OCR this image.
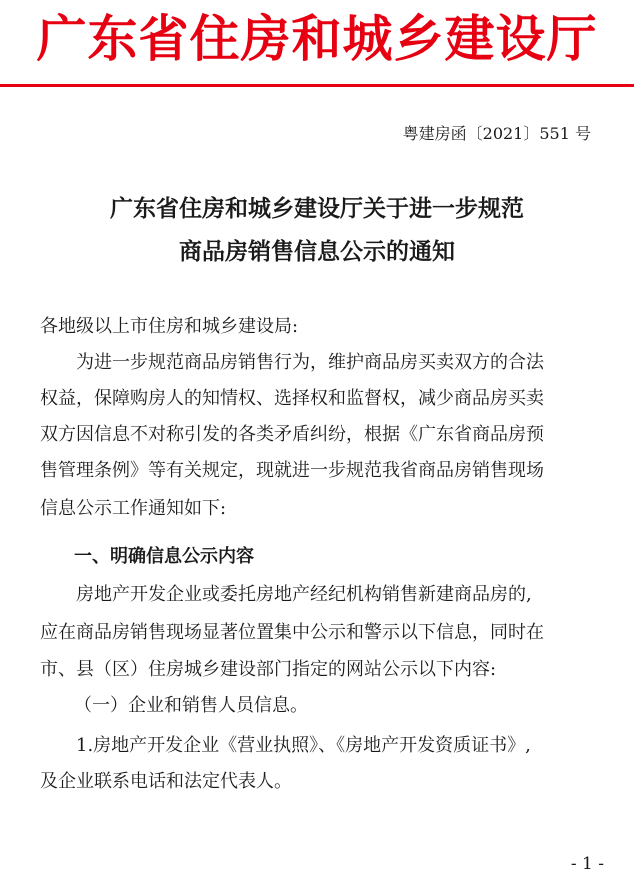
广东省住房和城乡建设厅
粤建房函〔2021〕551 号
广东省住房和城乡建设厅关于进一步规范
商品房销售信息公示的通知
各地级以上市住房和城乡建设局:
为进一步规范商品房销售行为，维护商品房买卖双方的合法
权益，保障购房人的知情权、选择权和监督权，减少商品房买卖
双方因信息不对称引发的各类矛盾纠纷，根据《广东省商品房预
售管理条例》等有关规定，现就进一步规范我省商品房销售现场
信息公示工作通知如下:
一、明确信息公示内容
房地产开发企业或委托房地产经纪机构销售新建商品房的,
应在商品房销售现场显著位置集中公示和警示以下信息，同时在
市、县（区）住房城乡建设部门指定的网站公示以下内容:
（一）企业和销售人员信息。
1.房地产开发企业《营业执照》、《房地产开发资质证书》,
及企业联系电话和法定代表人。
- 1 -
